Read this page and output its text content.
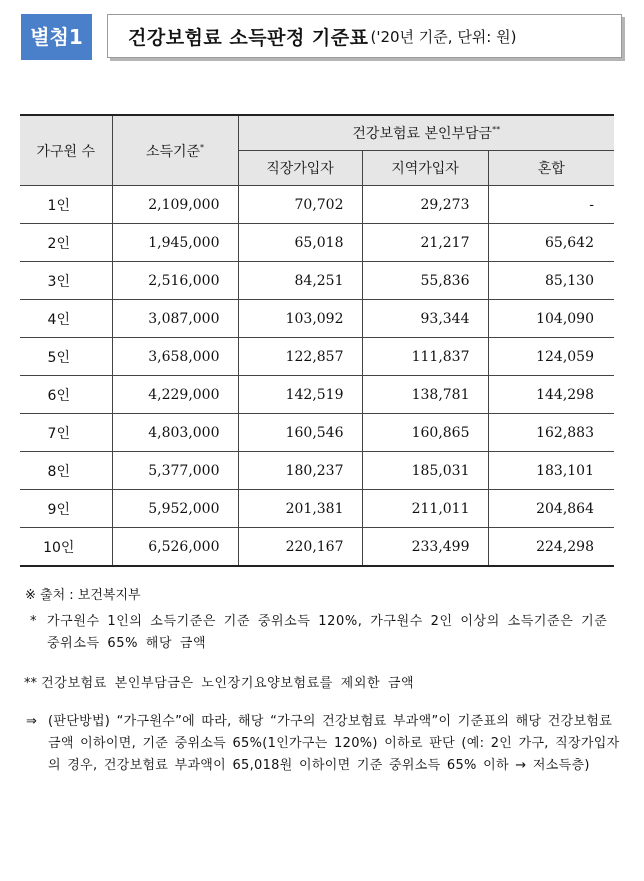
별첨1	건강보험료 소득판정 기준표 ('20년 기준, 단위: 원)
가구원 수	소득기준*	건강보험료 본인부담금**
		직장가입자	지역가입자	혼합
1인	2,109,000	70,702	29,273	-
2인	1,945,000	65,018	21,217	65,642
3인	2,516,000	84,251	55,836	85,130
4인	3,087,000	103,092	93,344	104,090
5인	3,658,000	122,857	111,837	124,059
6인	4,229,000	142,519	138,781	144,298
7인	4,803,000	160,546	160,865	162,883
8인	5,377,000	180,237	185,031	183,101
9인	5,952,000	201,381	211,011	204,864
10인	6,526,000	220,167	233,499	224,298
※ 출처 : 보건복지부
* 가구원수 1인의 소득기준은 기준 중위소득 120%, 가구원수 2인 이상의 소득기준은 기준 중위소득 65% 해당 금액
** 건강보험료 본인부담금은 노인장기요양보험료를 제외한 금액
⇒ (판단방법) “가구원수”에 따라, 해당 “가구의 건강보험료 부과액”이 기준표의 해당 건강보험료 금액 이하이면, 기준 중위소득 65%(1인가구는 120%) 이하로 판단 (예: 2인 가구, 직장가입자의 경우, 건강보험료 부과액이 65,018원 이하이면 기준 중위소득 65% 이하 → 저소득층)
